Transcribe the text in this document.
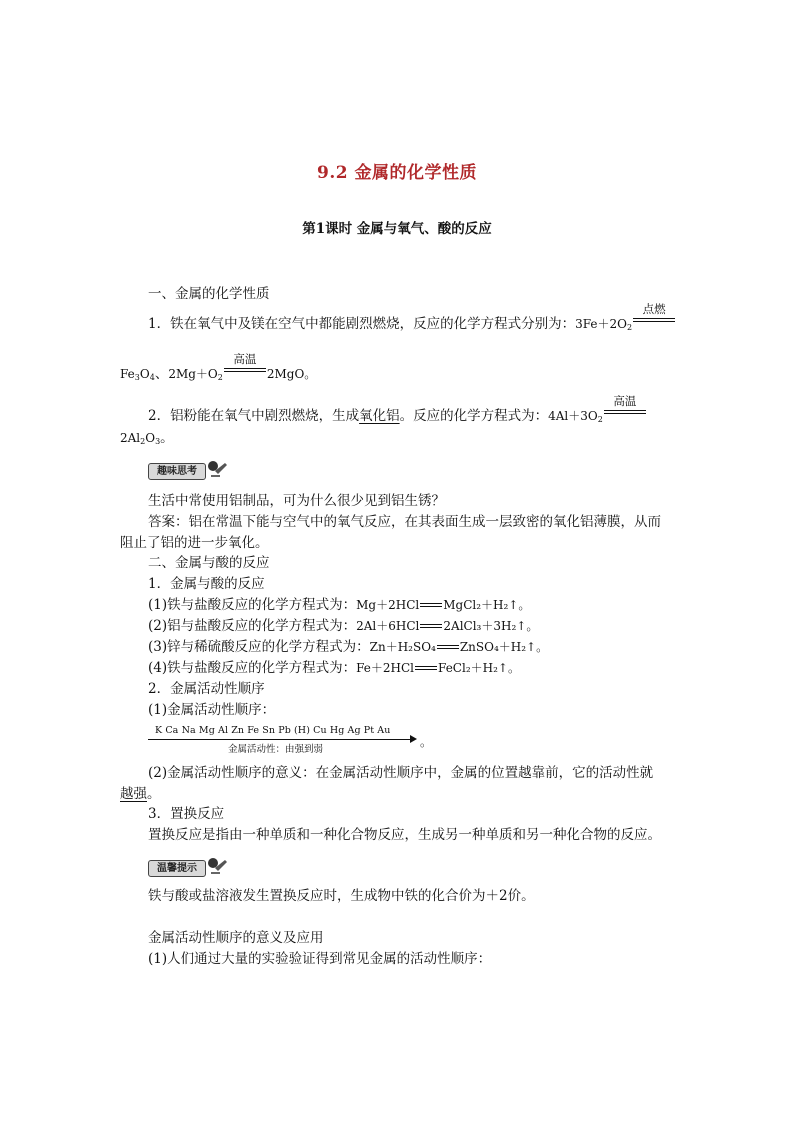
9.2 金属的化学性质
第1课时 金属与氧气、酸的反应
一、金属的化学性质
1．铁在氧气中及镁在空气中都能剧烈燃烧，反应的化学方程式分别为：$3Fe+2O_2$
点燃
$Fe_3O_4$、$2Mg+O_2$
高温
2MgO。
2．铝粉能在氧气中剧烈燃烧，生成氧化铝。反应的化学方程式为：$4Al+3O_2$
高温
$2Al_2O_3$。
趣味思考
生活中常使用铝制品，可为什么很少见到铝生锈？
答案：铝在常温下能与空气中的氧气反应，在其表面生成一层致密的氧化铝薄膜，从而
阻止了铝的进一步氧化。
二、金属与酸的反应
1．金属与酸的反应
(1)铁与盐酸反应的化学方程式为：Mg＋2HCl MgCl₂＋H₂↑。
(2)铝与盐酸反应的化学方程式为：2Al＋6HCl 2AlCl₃＋3H₂↑。
(3)锌与稀硫酸反应的化学方程式为：Zn＋H₂SO₄ ZnSO₄＋H₂↑。
(4)铁与盐酸反应的化学方程式为：Fe＋2HCl FeCl₂＋H₂↑。
2．金属活动性顺序
(1)金属活动性顺序：
K Ca Na Mg Al Zn Fe Sn Pb (H) Cu Hg Ag Pt Au
金属活动性：由强到弱
。
(2)金属活动性顺序的意义：在金属活动性顺序中，金属的位置越靠前，它的活动性就
越强。
3．置换反应
置换反应是指由一种单质和一种化合物反应，生成另一种单质和另一种化合物的反应。
温馨提示
铁与酸或盐溶液发生置换反应时，生成物中铁的化合价为＋2价。
金属活动性顺序的意义及应用
(1)人们通过大量的实验验证得到常见金属的活动性顺序：
